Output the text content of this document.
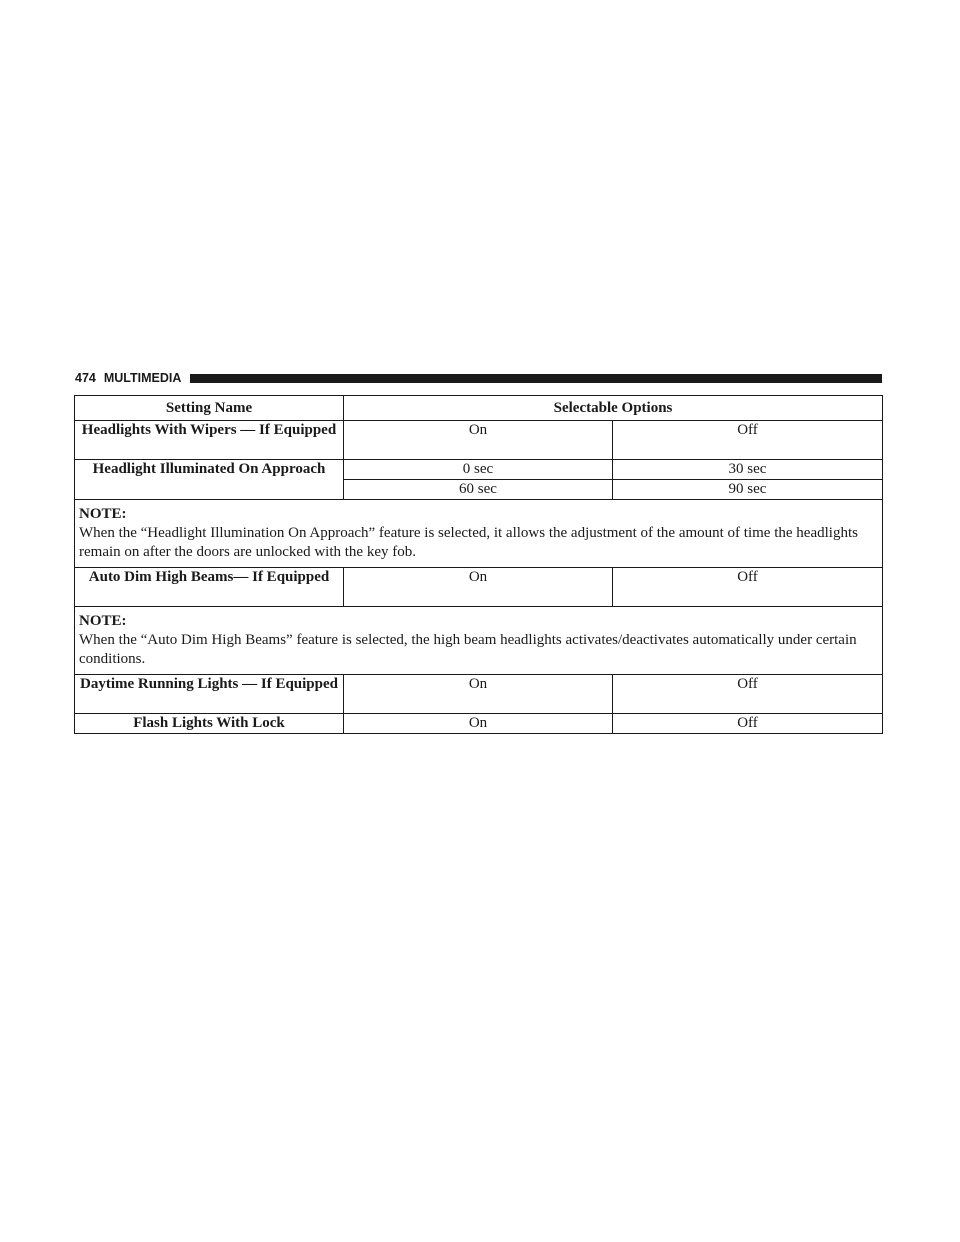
474 MULTIMEDIA
Setting Name	Selectable Options	
Headlights With Wipers — If Equipped	On	Off
Headlight Illuminated On Approach	0 sec	30 sec
	60 sec	90 sec

NOTE:
When the “Headlight Illumination On Approach” feature is selected, it allows the adjustment of the amount of time the headlights remain on after the doors are unlocked with the key fob.		

Auto Dim High Beams— If Equipped	On	Off

NOTE:
When the “Auto Dim High Beams” feature is selected, the high beam headlights activates/deactivates automatically under certain conditions.		

Daytime Running Lights — If Equipped	On	Off
Flash Lights With Lock	On	Off
